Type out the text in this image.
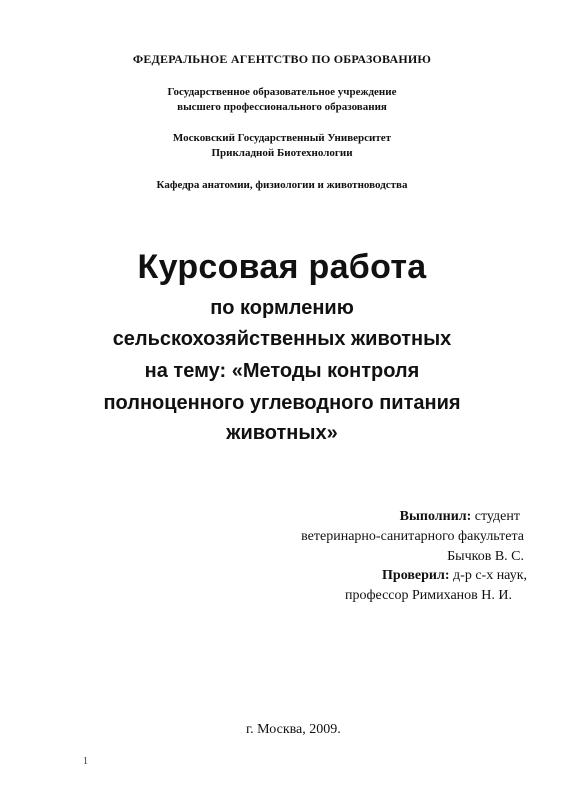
ФЕДЕРАЛЬНОЕ АГЕНТСТВО ПО ОБРАЗОВАНИЮ
Государственное образовательное учреждение
высшего профессионального образования
Московский Государственный Университет
Прикладной Биотехнологии
Кафедра анатомии, физиологии и животноводства
Курсовая работа
по кормлению
сельскохозяйственных животных
на тему: «Методы контроля
полноценного углеводного питания
животных»
Выполнил: студент
ветеринарно-санитарного факультета
Бычков В. С.
Проверил: д-р с-х наук,
профессор Римиханов Н. И.
г. Москва, 2009.
1
